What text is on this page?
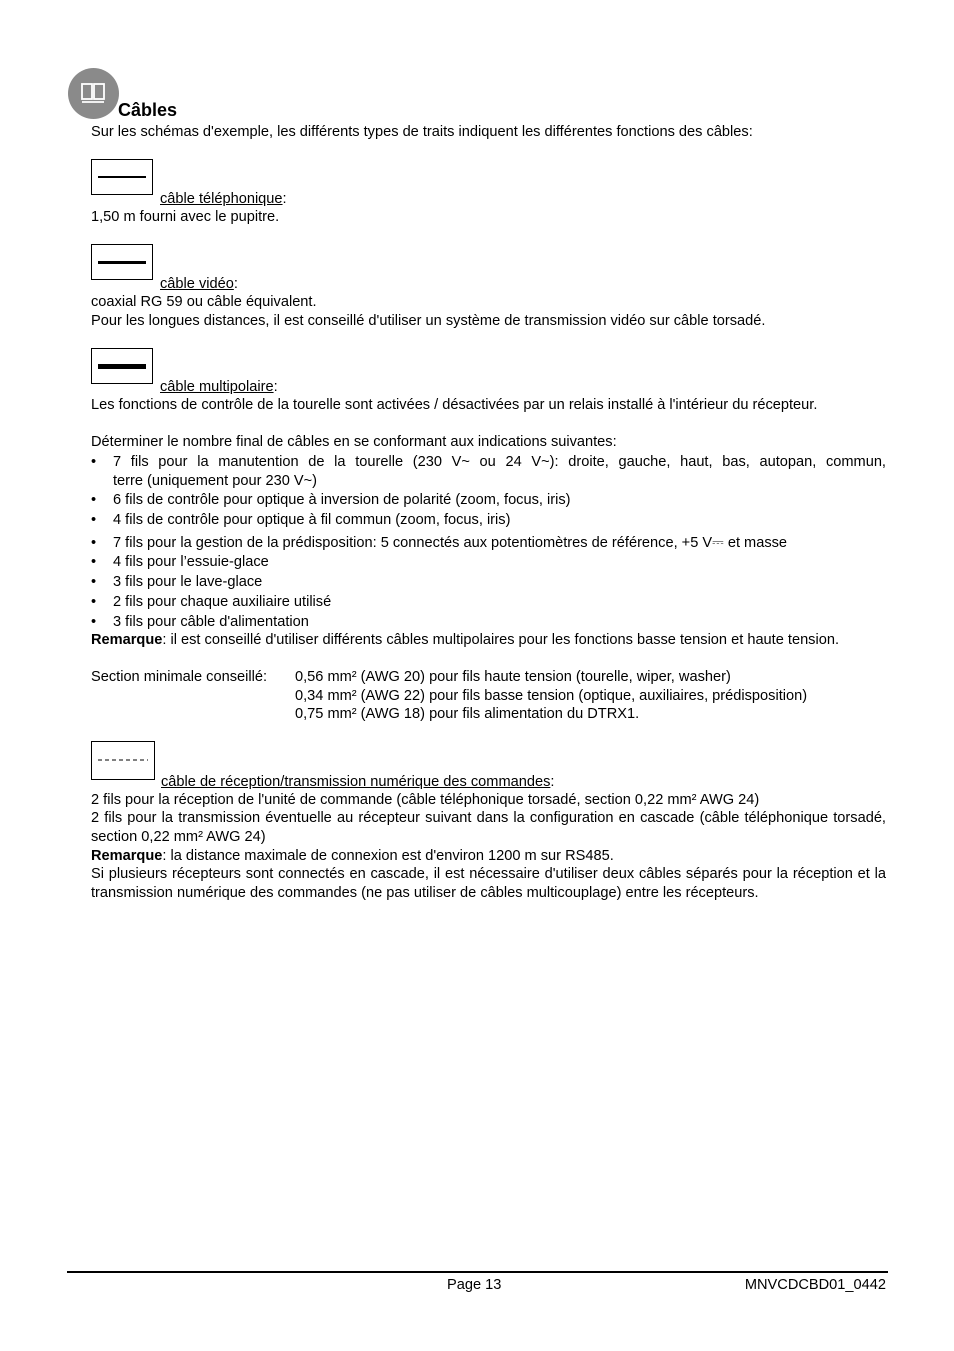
Câbles
Sur les schémas d'exemple, les différents types de traits indiquent les différentes fonctions des câbles:
câble téléphonique:
1,50 m fourni avec le pupitre.
câble vidéo:
coaxial RG 59 ou câble équivalent.
Pour les longues distances, il est conseillé d'utiliser un système de transmission vidéo sur câble torsadé.
câble multipolaire:
Les fonctions de contrôle de la tourelle sont activées / désactivées par un relais installé à l'intérieur du récepteur.
Déterminer le nombre final de câbles en se conformant aux indications suivantes:
•	7 fils pour la manutention de la tourelle (230 V~ ou 24 V~): droite, gauche, haut, bas, autopan, commun,
terre (uniquement pour 230 V~)
•	6 fils de contrôle pour optique à inversion de polarité (zoom, focus, iris)
•	4 fils de contrôle pour optique à fil commun (zoom, focus, iris)
•	7 fils pour la gestion de la prédisposition: 5 connectés aux potentiomètres de référence, +5 V⎓ et masse
•	4 fils pour l’essuie-glace
•	3 fils pour le lave-glace
•	2 fils pour chaque auxiliaire utilisé
•	3 fils pour câble d'alimentation
Remarque: il est conseillé d'utiliser différents câbles multipolaires pour les fonctions basse tension et haute tension.
Section minimale conseillé: 0,56 mm² (AWG 20) pour fils haute tension (tourelle, wiper, washer)
0,34 mm² (AWG 22) pour fils basse tension (optique, auxiliaires, prédisposition)
0,75 mm² (AWG 18) pour fils alimentation du DTRX1.
câble de réception/transmission numérique des commandes:
2 fils pour la réception de l'unité de commande (câble téléphonique torsadé, section 0,22 mm² AWG 24)
2 fils pour la transmission éventuelle au récepteur suivant dans la configuration en cascade (câble téléphonique torsadé, section 0,22 mm² AWG 24)
Remarque: la distance maximale de connexion est d'environ 1200 m sur RS485.
Si plusieurs récepteurs sont connectés en cascade, il est nécessaire d'utiliser deux câbles séparés pour la réception et la transmission numérique des commandes (ne pas utiliser de câbles multicouplage) entre les récepteurs.
Page 13	MNVCDCBD01_0442
